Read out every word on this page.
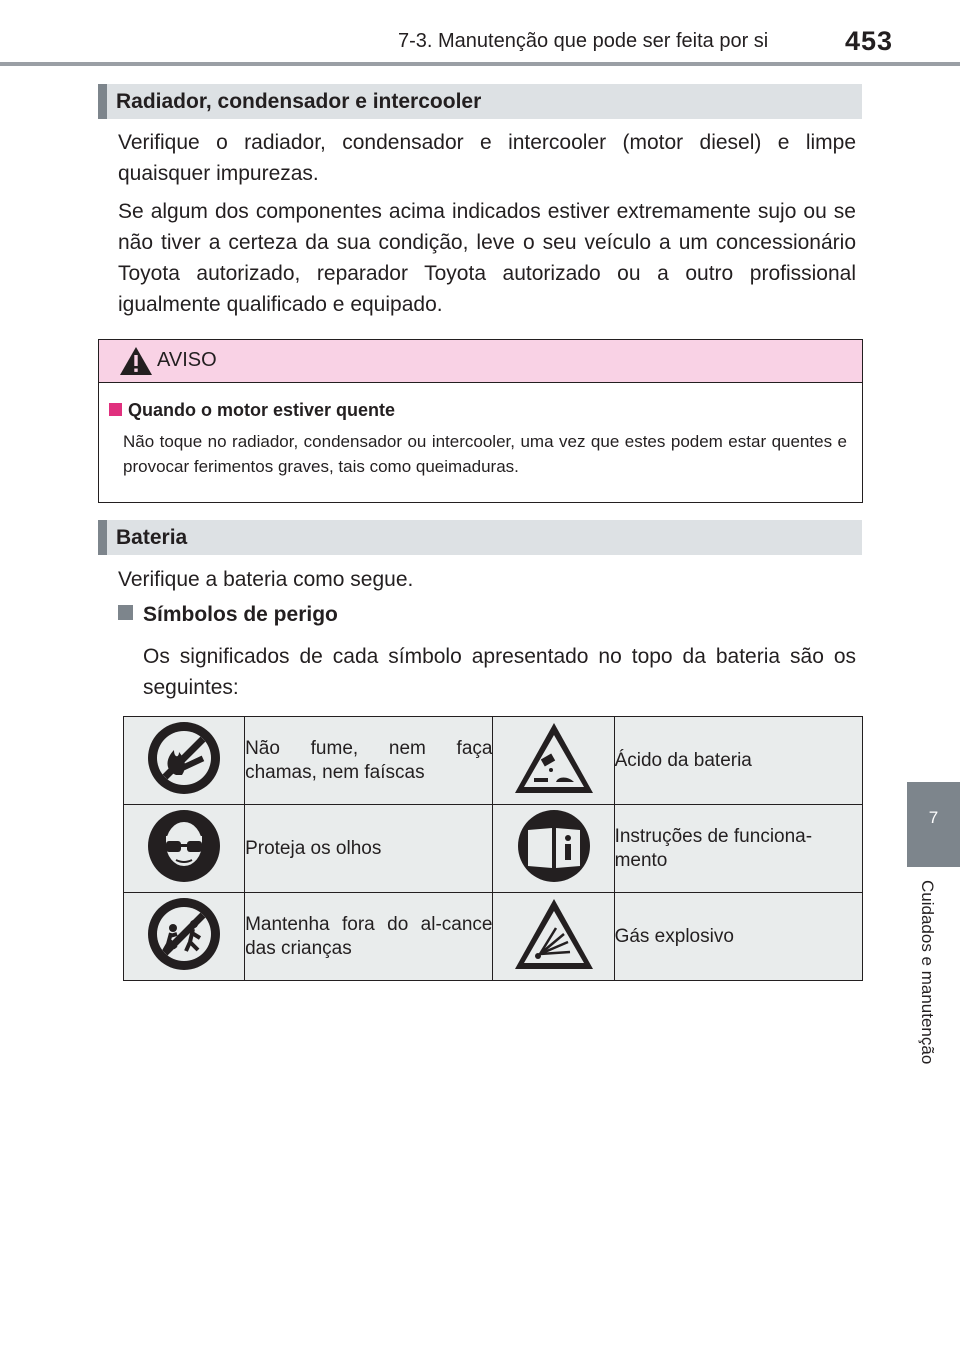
7-3. Manutenção que pode ser feita por si	453
7
Cuidados e manutenção
Radiador, condensador e intercooler

Verifique o radiador, condensador e intercooler (motor diesel) e limpe quaisquer impurezas.

Se algum dos componentes acima indicados estiver extremamente sujo ou se não tiver a certeza da sua condição, leve o seu veículo a um concessionário Toyota autorizado, reparador Toyota autorizado ou a outro profissional igualmente qualificado e equipado.

AVISO
Quando o motor estiver quente
Não toque no radiador, condensador ou intercooler, uma vez que estes podem estar quentes e provocar ferimentos graves, tais como queimaduras.
Bateria

Verifique a bateria como segue.

Símbolos de perigo

Os significados de cada símbolo apresentado no topo da bateria são os seguintes:

	Não fume, nem faça chamas, nem faíscas		Ácido da bateria
	Proteja os olhos		Instruções de funciona-mento
	Mantenha fora do al-cance das crianças		Gás explosivo
